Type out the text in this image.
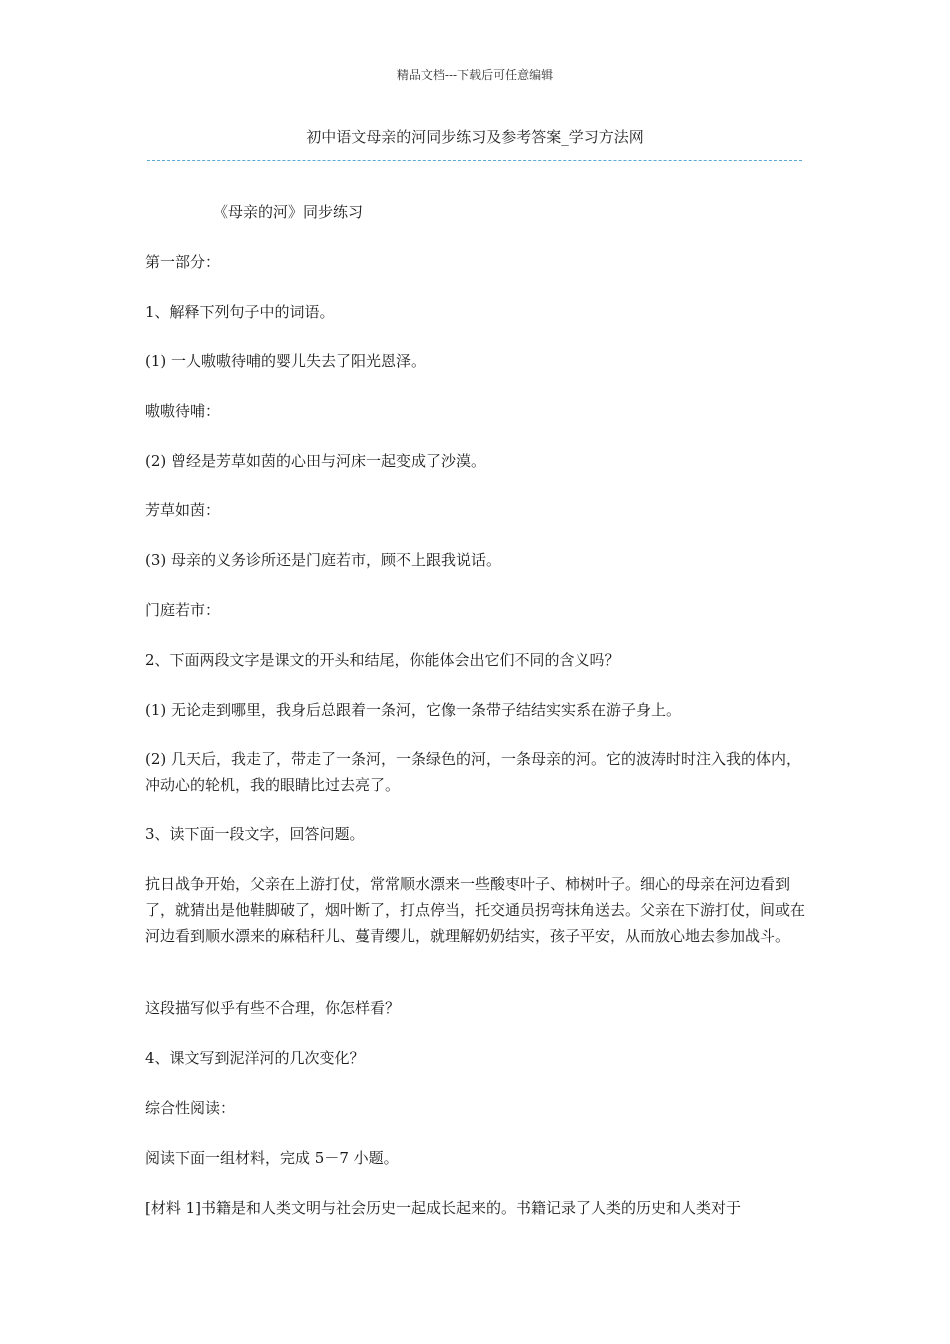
精品文档---下载后可任意编辑
初中语文母亲的河同步练习及参考答案_学习方法网

《母亲的河》同步练习

第一部分：

1、解释下列句子中的词语。

(1) 一人嗷嗷待哺的婴儿失去了阳光恩泽。

嗷嗷待哺：

(2) 曾经是芳草如茵的心田与河床一起变成了沙漠。

芳草如茵：

(3) 母亲的义务诊所还是门庭若市，顾不上跟我说话。

门庭若市：

2、下面两段文字是课文的开头和结尾，你能体会出它们不同的含义吗？

(1) 无论走到哪里，我身后总跟着一条河，它像一条带子结结实实系在游子身上。

(2) 几天后，我走了，带走了一条河，一条绿色的河，一条母亲的河。它的波涛时时注入我的体内，冲动心的轮机，我的眼睛比过去亮了。

3、读下面一段文字，回答问题。

抗日战争开始，父亲在上游打仗，常常顺水漂来一些酸枣叶子、柿树叶子。细心的母亲在河边看到了，就猜出是他鞋脚破了，烟叶断了，打点停当，托交通员拐弯抹角送去。父亲在下游打仗，间或在河边看到顺水漂来的麻秸秆儿、蔓青缨儿，就理解奶奶结实，孩子平安，从而放心地去参加战斗。

这段描写似乎有些不合理，你怎样看？

4、课文写到泥洋河的几次变化？

综合性阅读：

阅读下面一组材料，完成 5－7 小题。

[材料 1]书籍是和人类文明与社会历史一起成长起来的。书籍记录了人类的历史和人类对于
